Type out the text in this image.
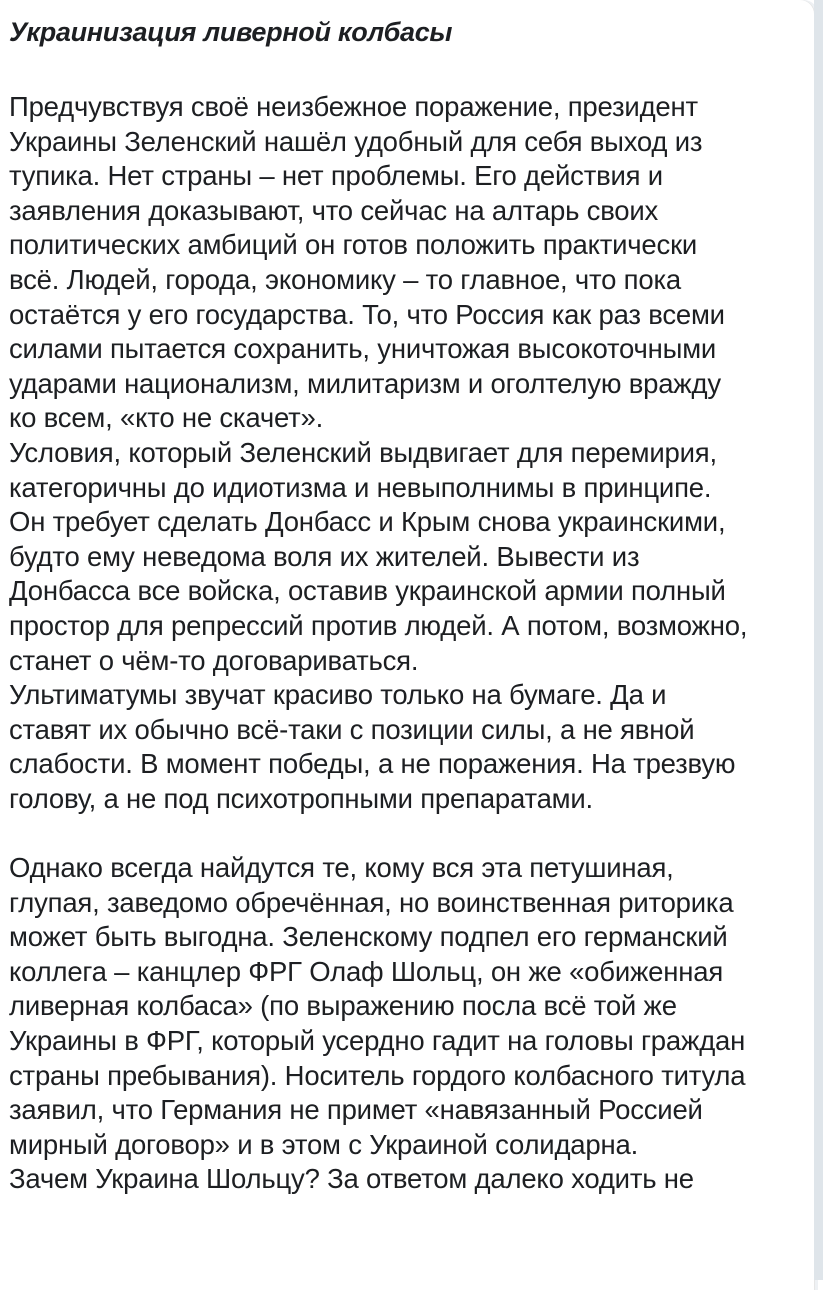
Украинизация ливерной колбасы
Предчувствуя своё неизбежное поражение, президент
Украины Зеленский нашёл удобный для себя выход из
тупика. Нет страны – нет проблемы. Его действия и
заявления доказывают, что сейчас на алтарь своих
политических амбиций он готов положить практически
всё. Людей, города, экономику – то главное, что пока
остаётся у его государства. То, что Россия как раз всеми
силами пытается сохранить, уничтожая высокоточными
ударами национализм, милитаризм и оголтелую вражду
ко всем, «кто не скачет».
Условия, который Зеленский выдвигает для перемирия,
категоричны до идиотизма и невыполнимы в принципе.
Он требует сделать Донбасс и Крым снова украинскими,
будто ему неведома воля их жителей. Вывести из
Донбасса все войска, оставив украинской армии полный
простор для репрессий против людей. А потом, возможно,
станет о чём-то договариваться.
Ультиматумы звучат красиво только на бумаге. Да и
ставят их обычно всё-таки с позиции силы, а не явной
слабости. В момент победы, а не поражения. На трезвую
голову, а не под психотропными препаратами.
Однако всегда найдутся те, кому вся эта петушиная,
глупая, заведомо обречённая, но воинственная риторика
может быть выгодна. Зеленскому подпел его германский
коллега – канцлер ФРГ Олаф Шольц, он же «обиженная
ливерная колбаса» (по выражению посла всё той же
Украины в ФРГ, который усердно гадит на головы граждан
страны пребывания). Носитель гордого колбасного титула
заявил, что Германия не примет «навязанный Россией
мирный договор» и в этом с Украиной солидарна.
Зачем Украина Шольцу? За ответом далеко ходить не
